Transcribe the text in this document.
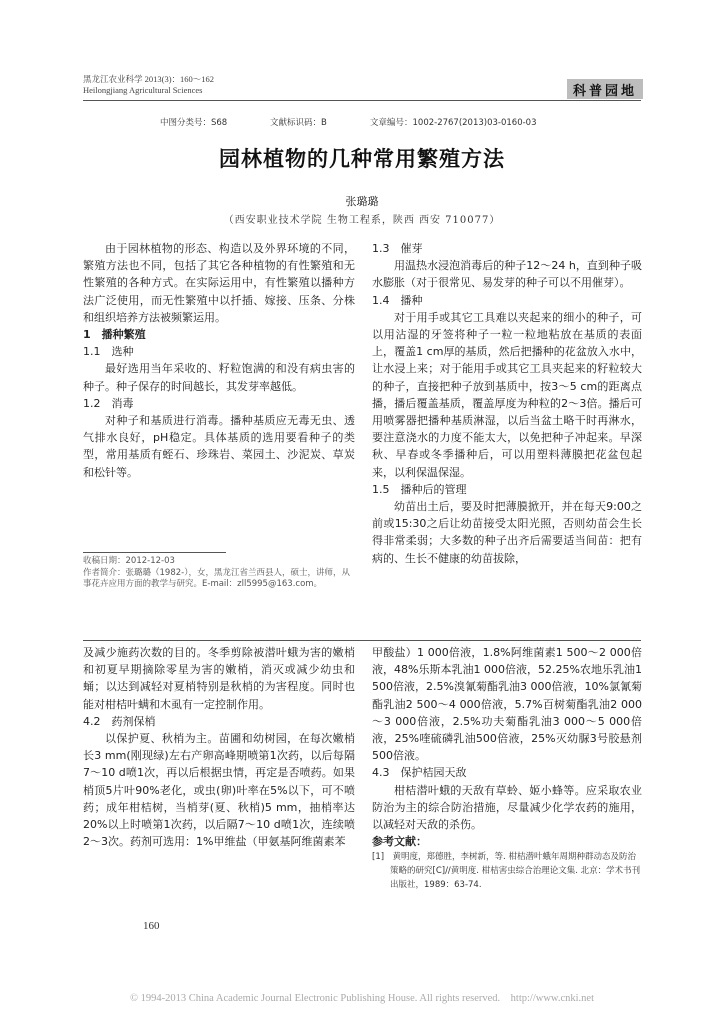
黑龙江农业科学 2013(3)：160～162
Heilongjiang Agricultural Sciences	科普园地
中图分类号：S68	文献标识码：B	文章编号：1002-2767(2013)03-0160-03
园林植物的几种常用繁殖方法
张璐璐
（西安职业技术学院 生物工程系，陕西 西安 710077）

由于园林植物的形态、构造以及外界环境的不同，繁殖方法也不同，包括了其它各种植物的有性繁殖和无性繁殖的各种方式。在实际运用中，有性繁殖以播种方法广泛使用，而无性繁殖中以扦插、嫁接、压条、分株和组织培养方法被频繁运用。

1　播种繁殖
1.1　选种

最好选用当年采收的、籽粒饱满的和没有病虫害的种子。种子保存的时间越长，其发芽率越低。

1.2　消毒

对种子和基质进行消毒。播种基质应无毒无虫、透气排水良好，pH稳定。具体基质的选用要看种子的类型，常用基质有蛭石、珍珠岩、菜园土、沙泥炭、草炭和松针等。

收稿日期：2012-12-03
作者简介：张璐璐（1982-），女，黑龙江省兰西县人，硕士，讲师，从事花卉应用方面的教学与研究。E-mail：zll5995@163.com。
1.3　催芽

用温热水浸泡消毒后的种子12～24 h，直到种子吸水膨胀（对于很常见、易发芽的种子可以不用催芽）。

1.4　播种

对于用手或其它工具难以夹起来的细小的种子，可以用沾湿的牙签将种子一粒一粒地粘放在基质的表面上，覆盖1 cm厚的基质，然后把播种的花盆放入水中，让水浸上来；对于能用手或其它工具夹起来的籽粒较大的种子，直接把种子放到基质中，按3～5 cm的距离点播，播后覆盖基质，覆盖厚度为种粒的2～3倍。播后可用喷雾器把播种基质淋湿，以后当盆土略干时再淋水，要注意浇水的力度不能太大，以免把种子冲起来。早深秋、早春或冬季播种后，可以用塑料薄膜把花盆包起来，以利保温保湿。

1.5　播种后的管理

幼苗出土后，要及时把薄膜掀开，并在每天9:00之前或15:30之后让幼苗接受太阳光照，否则幼苗会生长得非常柔弱；大多数的种子出齐后需要适当间苗：把有病的、生长不健康的幼苗拔除，

及减少施药次数的目的。冬季剪除被潜叶蛾为害的嫩梢和初夏早期摘除零星为害的嫩梢，消灭或减少幼虫和蛹；以达到减轻对夏梢特别是秋梢的为害程度。同时也能对柑桔叶螨和木虱有一定控制作用。

4.2　药剂保梢

以保护夏、秋梢为主。苗圃和幼树园，在每次嫩梢长3 mm(刚现绿)左右产卵高峰期喷第1次药，以后每隔7～10 d喷1次，再以后根据虫情，再定是否喷药。如果梢顶5片叶90%老化，或虫(卵)叶率在5%以下，可不喷药；成年柑桔树，当梢芽(夏、秋梢)5 mm，抽梢率达20%以上时喷第1次药，以后隔7～10 d喷1次，连续喷2～3次。药剂可选用：1%甲维盐（甲氨基阿维菌素苯

甲酸盐）1 000倍液，1.8%阿维菌素1 500～2 000倍液，48%乐斯本乳油1 000倍液，52.25%农地乐乳油1 500倍液，2.5%溴氰菊酯乳油3 000倍液，10%氯氰菊酯乳油2 500～4 000倍液，5.7%百树菊酯乳油2 000～3 000倍液，2.5%功夫菊酯乳油3 000～5 000倍液，25%喹硫磷乳油500倍液，25%灭幼脲3号胶悬剂500倍液。

4.3　保护桔园天敌

柑桔潜叶蛾的天敌有草蛉、姬小蜂等。应采取农业防治为主的综合防治措施，尽量减少化学农药的施用，以减轻对天敌的杀伤。

参考文献：
[1]　黄明度，郑德胜，李树新，等. 柑桔潜叶蛾年周期种群动态及防治策略的研究[C]//黄明度. 柑桔害虫综合治理论文集. 北京：学术书刊出版社，1989：63-74.
160
© 1994-2013 China Academic Journal Electronic Publishing House. All rights reserved.　http://www.cnki.net
